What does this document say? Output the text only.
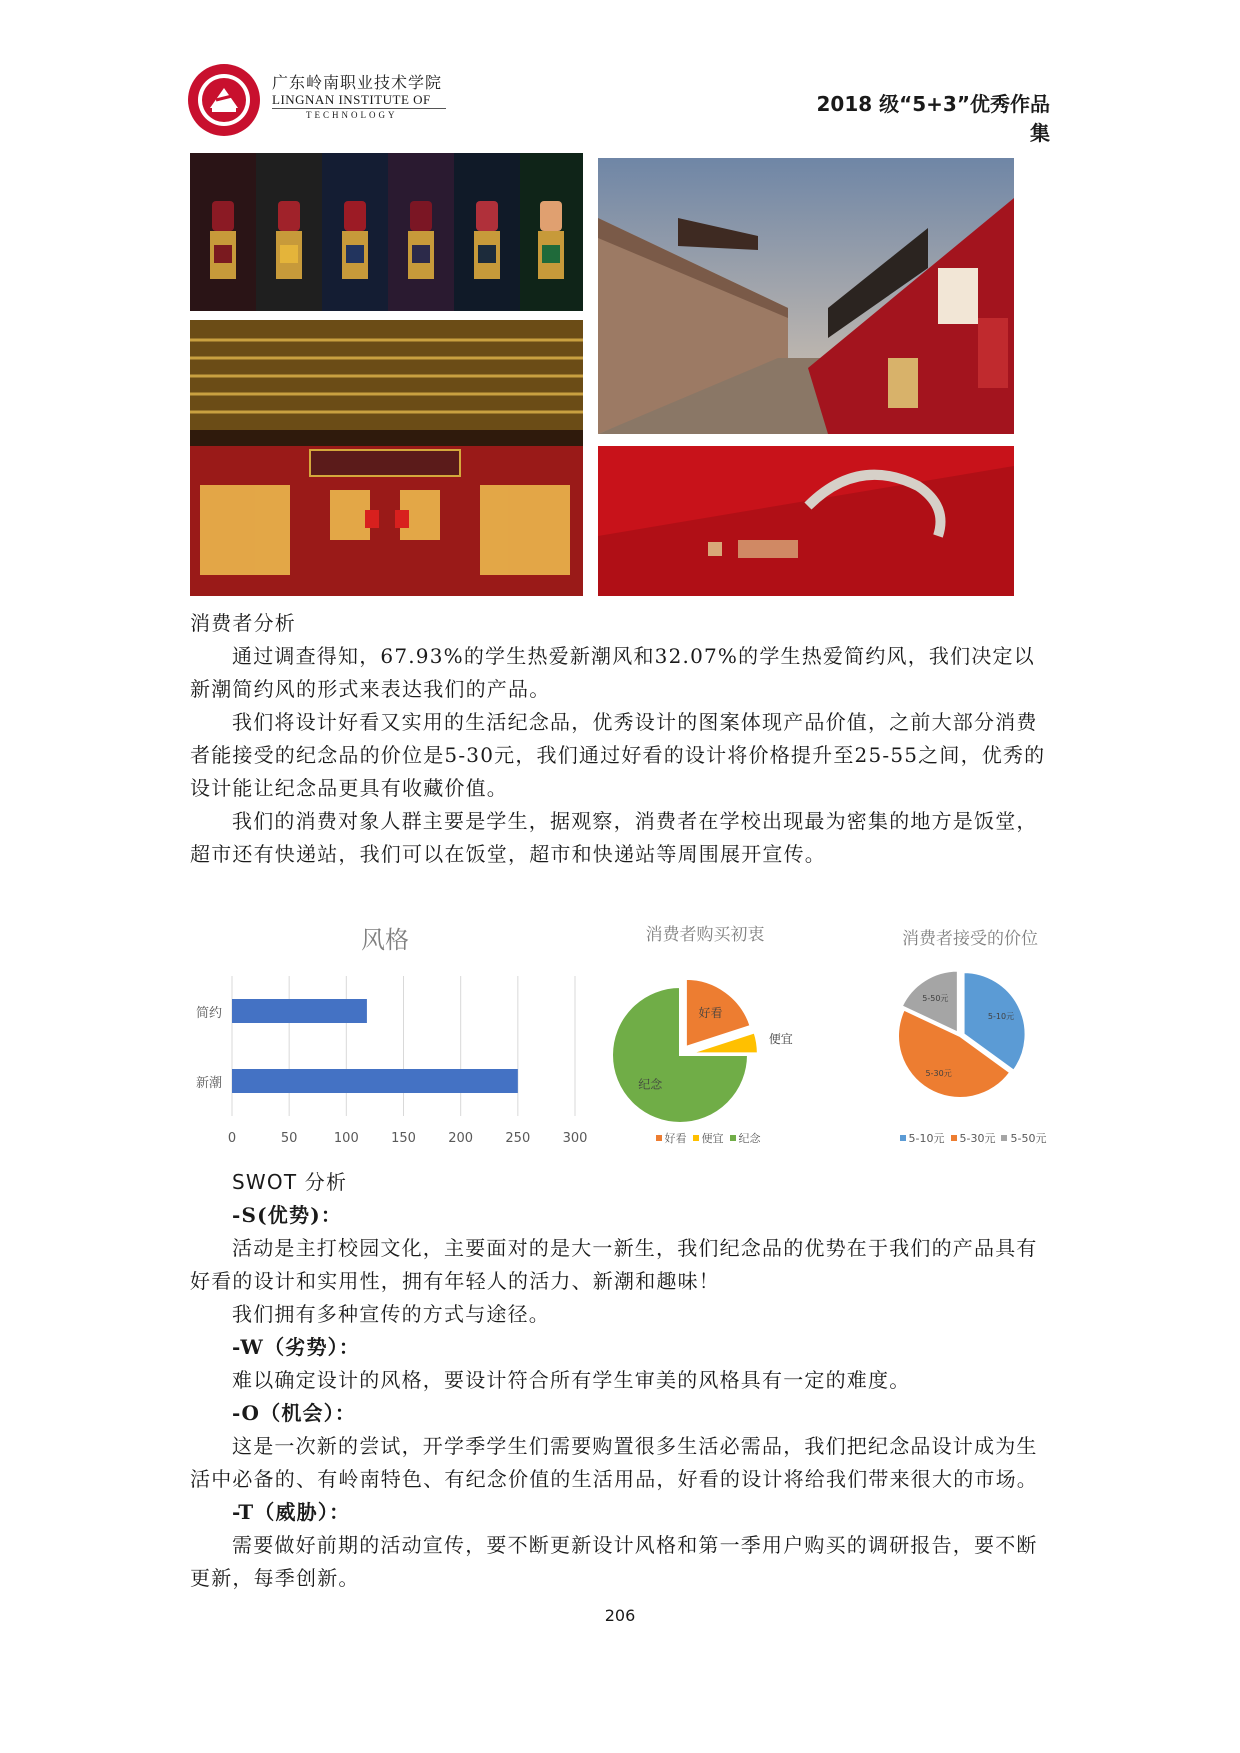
广东岭南职业技术学院
LINGNAN INSTITUTE OF
TECHNOLOGY	2018 级“5+3”优秀作品集

消费者分析

通过调查得知，67.93%的学生热爱新潮风和32.07%的学生热爱简约风，我们决定以新潮简约风的形式来表达我们的产品。

我们将设计好看又实用的生活纪念品，优秀设计的图案体现产品价值，之前大部分消费者能接受的纪念品的价位是5-30元，我们通过好看的设计将价格提升至25-55之间，优秀的设计能让纪念品更具有收藏价值。

我们的消费对象人群主要是学生，据观察，消费者在学校出现最为密集的地方是饭堂，超市还有快递站，我们可以在饭堂，超市和快递站等周围展开宣传。

风格
0	50	100 150 200 250 300
简约
新潮
消费者购买初衷
好看
便宜
纪念
好看 便宜 纪念
消费者接受的价位
5-10元
5-30元
5-50元
5-10元 5-30元 5-50元

SWOT 分析

-S(优势)：

活动是主打校园文化，主要面对的是大一新生，我们纪念品的优势在于我们的产品具有好看的设计和实用性，拥有年轻人的活力、新潮和趣味！

我们拥有多种宣传的方式与途径。

-W（劣势）：

难以确定设计的风格，要设计符合所有学生审美的风格具有一定的难度。

-O（机会）：

这是一次新的尝试，开学季学生们需要购置很多生活必需品，我们把纪念品设计成为生活中必备的、有岭南特色、有纪念价值的生活用品，好看的设计将给我们带来很大的市场。

-T（威胁）：

需要做好前期的活动宣传，要不断更新设计风格和第一季用户购买的调研报告，要不断更新，每季创新。

206
